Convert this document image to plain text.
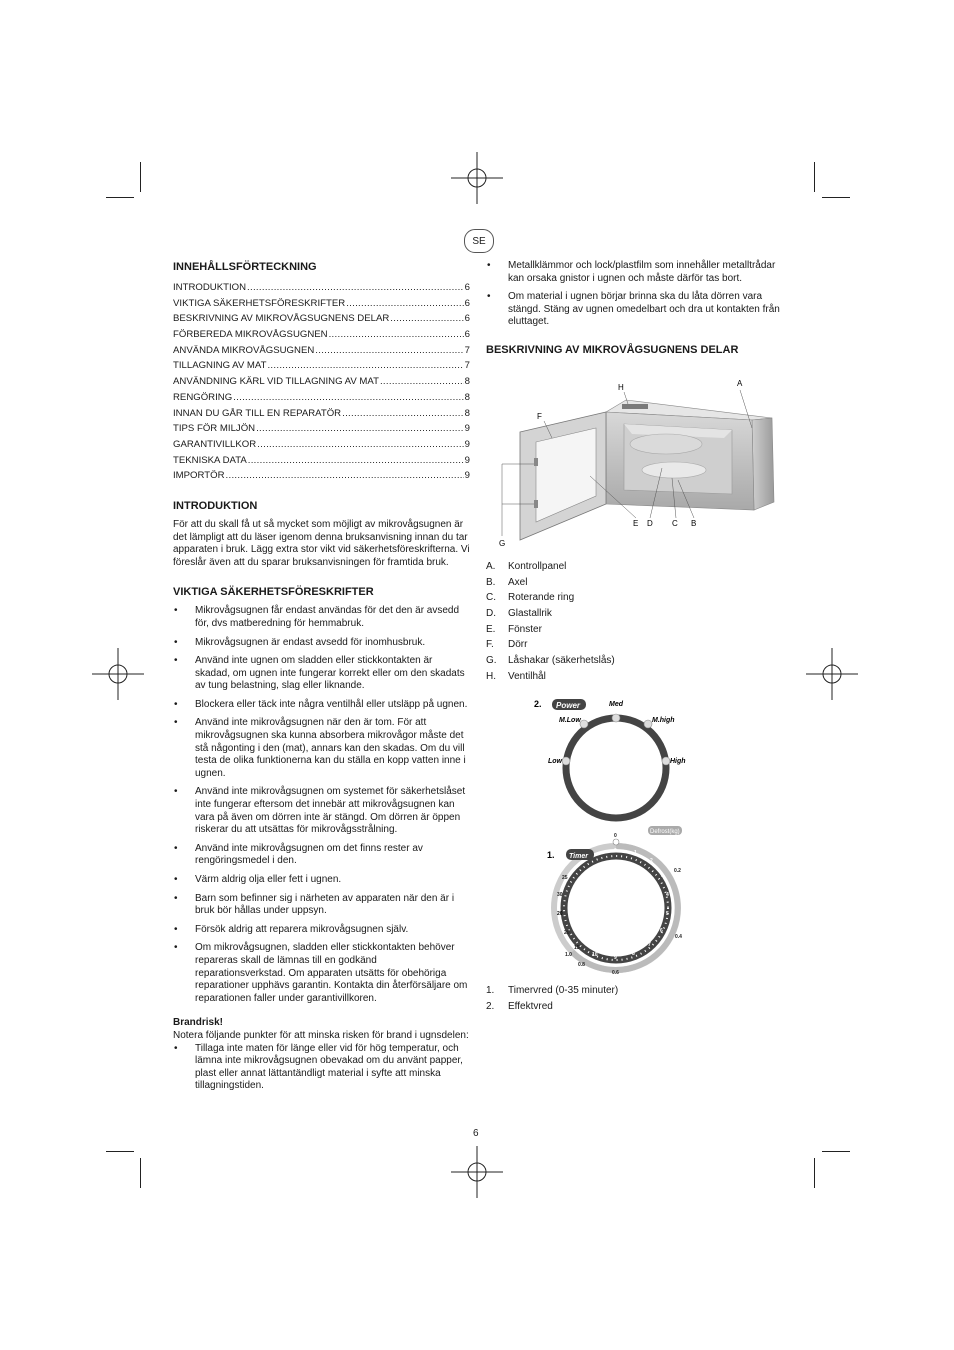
SE
INNEHÅLLSFÖRTECKNING
INTRODUKTION .....	6
VIKTIGA SÄKERHETSFÖRESKRIFTER .....	6
BESKRIVNING AV MIKROVÅGSUGNENS DELAR .....	6
FÖRBEREDA MIKROVÅGSUGNEN .....	6
ANVÄNDA MIKROVÅGSUGNEN .....	7
TILLAGNING AV MAT .....	7
ANVÄNDNING KÄRL VID TILLAGNING AV MAT .....	8
RENGÖRING .....	8
INNAN DU GÅR TILL EN REPARATÖR .....	8
TIPS FÖR MILJÖN .....	9
GARANTIVILLKOR .....	9
TEKNISKA DATA .....	9
IMPORTÖR .....	9
INTRODUKTION

För att du skall få ut så mycket som möjligt av mikrovågsugnen är det lämpligt att du läser igenom denna bruksanvisning innan du tar apparaten i bruk. Lägg extra stor vikt vid säkerhetsföreskrifterna. Vi föreslår även att du sparar bruksanvisningen för framtida bruk.

VIKTIGA SÄKERHETSFÖRESKRIFTER
• Mikrovågsugnen får endast användas för det den är avsedd för, dvs matberedning för hemmabruk.
• Mikrovågsugnen är endast avsedd för inomhusbruk.
• Använd inte ugnen om sladden eller stickkontakten är skadad, om ugnen inte fungerar korrekt eller om den skadats av tung belastning, slag eller liknande.
• Blockera eller täck inte några ventilhål eller utsläpp på ugnen.
• Använd inte mikrovågsugnen när den är tom. För att mikrovågsugnen ska kunna absorbera mikrovågor måste det stå någonting i den (mat), annars kan den skadas. Om du vill testa de olika funktionerna kan du ställa en kopp vatten inne i ugnen.
• Använd inte mikrovågsugnen om systemet för säkerhetslåset inte fungerar eftersom det innebär att mikrovågsugnen kan vara på även om dörren inte är stängd. Om dörren är öppen riskerar du att utsättas för mikrovågsstrålning.
• Använd inte mikrovågsugnen om det finns rester av rengöringsmedel i den.
• Värm aldrig olja eller fett i ugnen.
• Barn som befinner sig i närheten av apparaten när den är i bruk bör hållas under uppsyn.
• Försök aldrig att reparera mikrovågsugnen själv.
• Om mikrovågsugnen, sladden eller stickkontakten behöver repareras skall de lämnas till en godkänd reparationsverkstad. Om apparaten utsätts för obehöriga reparationer upphävs garantin. Kontakta din återförsäljare om reparationen faller under garantivillkoren.

Brandrisk!

Notera följande punkter för att minska risken för brand i ugnsdelen:

• Tillaga inte maten för länge eller vid för hög temperatur, och lämna inte mikrovågsugnen obevakad om du använt papper, plast eller annat lättantändligt material i syfte att minska tillagningstiden.
• Metallklämmor och lock/plastfilm som innehåller metalltrådar kan orsaka gnistor i ugnen och måste därför tas bort.
• Om material i ugnen börjar brinna ska du låta dörren vara stängd. Stäng av ugnen omedelbart och dra ut kontakten från eluttaget.
BESKRIVNING AV MIKROVÅGSUGNENS DELAR
H	A
F
E D C B
G
A.	Kontrollpanel
B.	Axel
C.	Roterande ring
D.	Glastallrik
E.	Fönster
F.	Dörr
G.	Låshakar (säkerhetslås)
H.	Ventilhål
2. Power
Low
M.Low
Med
M.high
High
1. Timer
Defrost(kg)
0
0.2
0.4
0.6
0.8
1.0
0	1
2
3
4
5
6
7
8
9
10
15
20
25
30
20
1.	Timervred (0-35 minuter)
2.	Effektvred
6
